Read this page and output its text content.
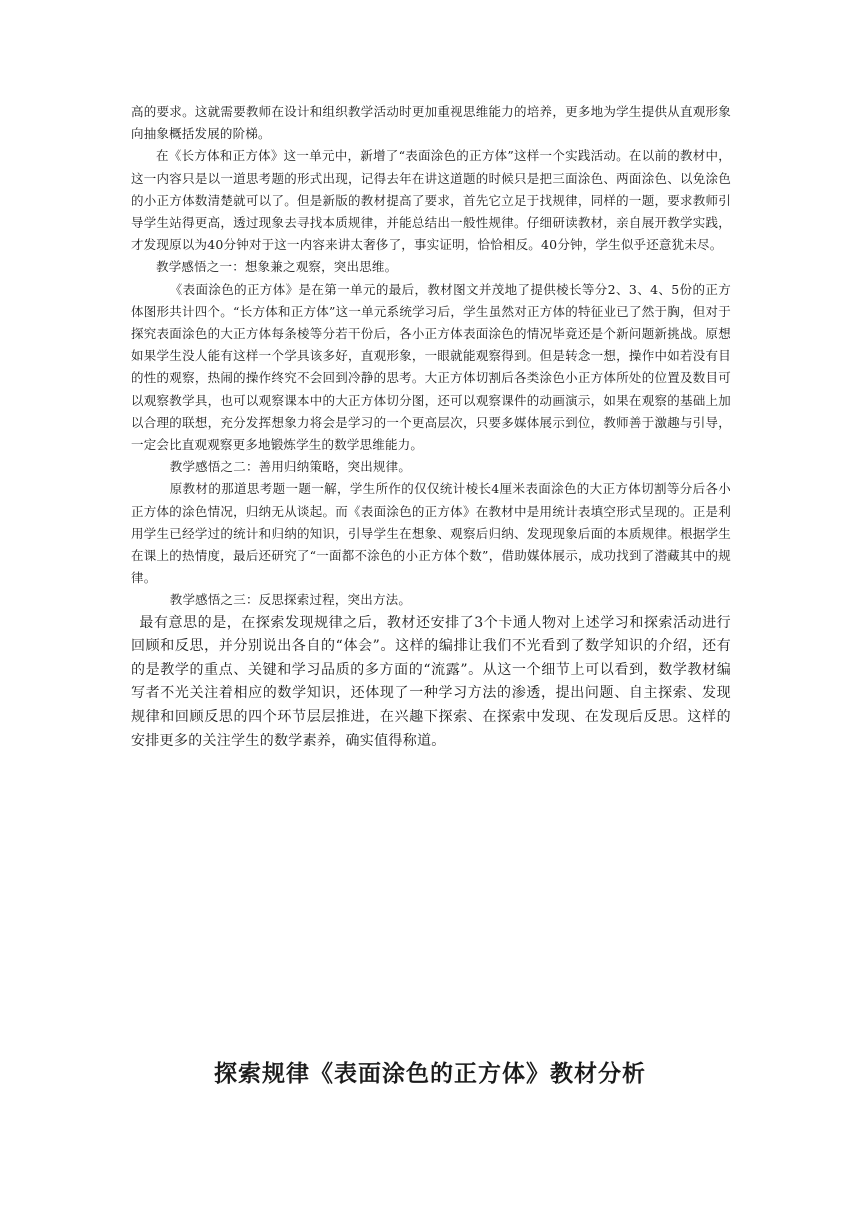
高的要求。这就需要教师在设计和组织教学活动时更加重视思维能力的培养，更多地为学生提供从直观形象向抽象概括发展的阶梯。

在《长方体和正方体》这一单元中，新增了“表面涂色的正方体”这样一个实践活动。在以前的教材中，这一内容只是以一道思考题的形式出现，记得去年在讲这道题的时候只是把三面涂色、两面涂色、以免涂色的小正方体数清楚就可以了。但是新版的教材提高了要求，首先它立足于找规律，同样的一题，要求教师引导学生站得更高，透过现象去寻找本质规律，并能总结出一般性规律。仔细研读教材，亲自展开教学实践，才发现原以为40分钟对于这一内容来讲太奢侈了，事实证明，恰恰相反。40分钟，学生似乎还意犹未尽。

教学感悟之一：想象兼之观察，突出思维。

《表面涂色的正方体》是在第一单元的最后，教材图文并茂地了提供棱长等分2、3、4、5份的正方体图形共计四个。“长方体和正方体”这一单元系统学习后，学生虽然对正方体的特征业已了然于胸，但对于探究表面涂色的大正方体每条棱等分若干份后，各小正方体表面涂色的情况毕竟还是个新问题新挑战。原想如果学生没人能有这样一个学具该多好，直观形象，一眼就能观察得到。但是转念一想，操作中如若没有目的性的观察，热闹的操作终究不会回到冷静的思考。大正方体切割后各类涂色小正方体所处的位置及数目可以观察教学具，也可以观察课本中的大正方体切分图，还可以观察课件的动画演示，如果在观察的基础上加以合理的联想，充分发挥想象力将会是学习的一个更高层次，只要多媒体展示到位，教师善于激趣与引导，一定会比直观观察更多地锻炼学生的数学思维能力。

教学感悟之二：善用归纳策略，突出规律。

原教材的那道思考题一题一解，学生所作的仅仅统计棱长4厘米表面涂色的大正方体切割等分后各小正方体的涂色情况，归纳无从谈起。而《表面涂色的正方体》在教材中是用统计表填空形式呈现的。正是利用学生已经学过的统计和归纳的知识，引导学生在想象、观察后归纳、发现现象后面的本质规律。根据学生在课上的热情度，最后还研究了“一面都不涂色的小正方体个数”，借助媒体展示，成功找到了潜藏其中的规律。

教学感悟之三：反思探索过程，突出方法。

最有意思的是，在探索发现规律之后，教材还安排了3个卡通人物对上述学习和探索活动进行回顾和反思，并分别说出各自的“体会”。这样的编排让我们不光看到了数学知识的介绍，还有的是教学的重点、关键和学习品质的多方面的“流露”。从这一个细节上可以看到，数学教材编写者不光关注着相应的数学知识，还体现了一种学习方法的渗透，提出问题、自主探索、发现规律和回顾反思的四个环节层层推进，在兴趣下探索、在探索中发现、在发现后反思。这样的安排更多的关注学生的数学素养，确实值得称道。

探索规律《表面涂色的正方体》教材分析
